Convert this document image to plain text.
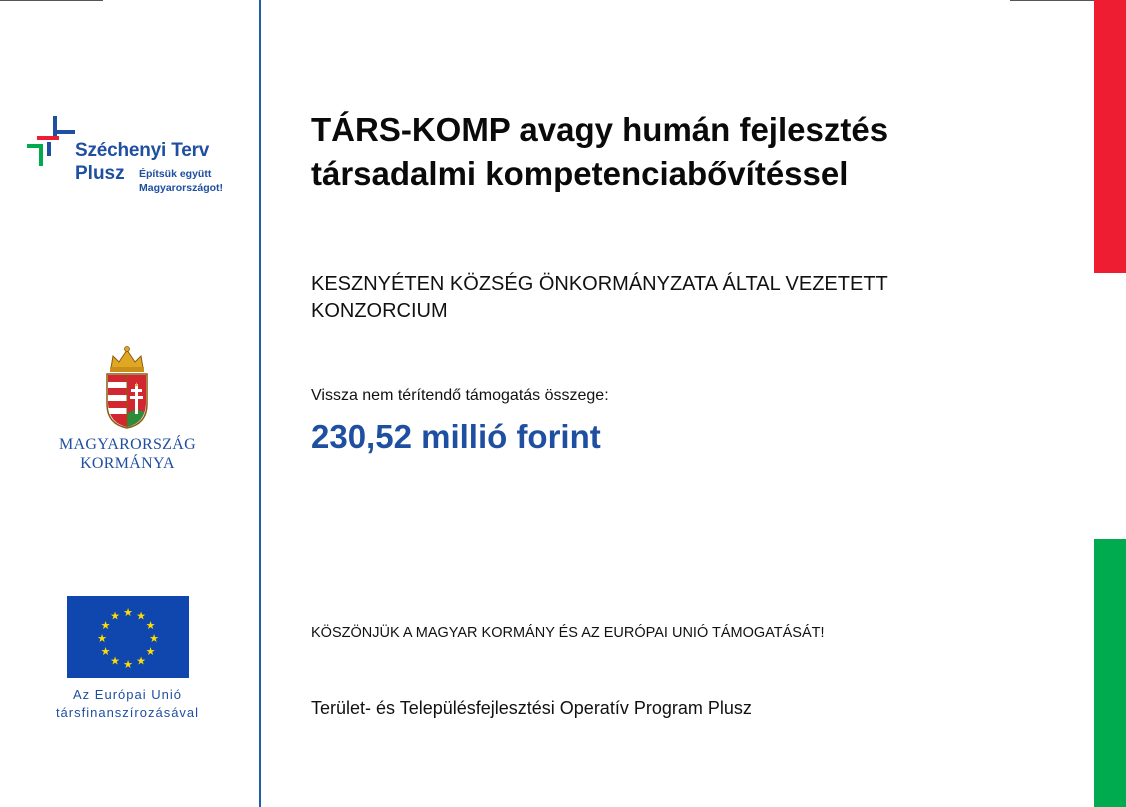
Széchenyi Terv
Plusz Építsük együtt
Magyarországot!
MAGYARORSZÁG
KORMÁNYA
★ ★
★
★
★
★
★
★
★
★
★
★
Az Európai Unió
társfinanszírozásával
TÁRS-KOMP avagy humán fejlesztés
társadalmi kompetenciabővítéssel
KESZNYÉTEN KÖZSÉG ÖNKORMÁNYZATA ÁLTAL VEZETETT
KONZORCIUM
Vissza nem térítendő támogatás összege:
230,52 millió forint
KÖSZÖNJÜK A MAGYAR KORMÁNY ÉS AZ EURÓPAI UNIÓ TÁMOGATÁSÁT!
Terület- és Településfejlesztési Operatív Program Plusz
